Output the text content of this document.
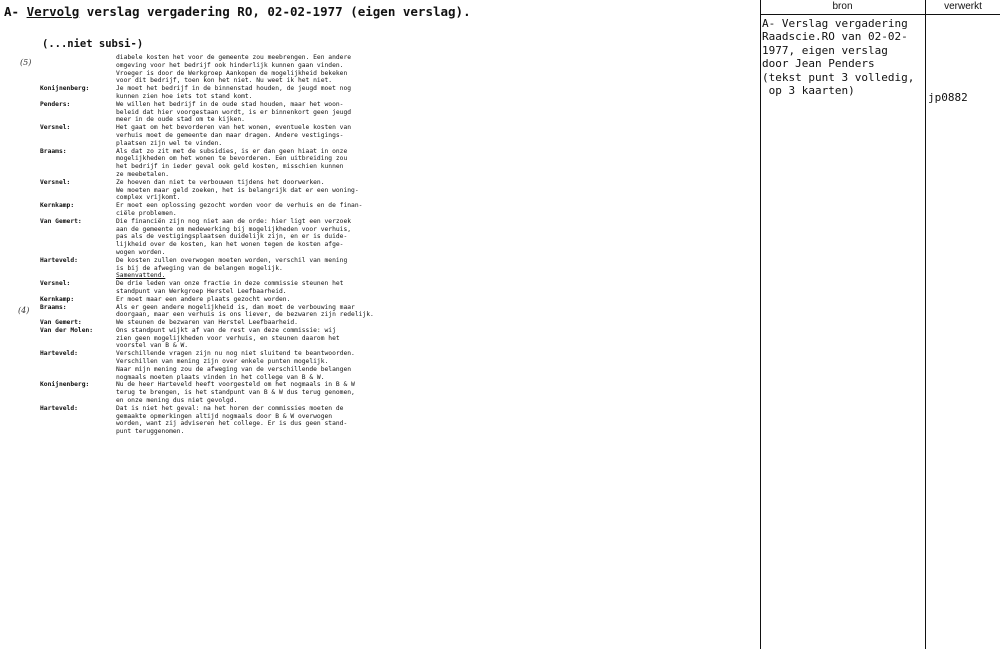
A- Vervolg verslag vergadering RO, 02-02-1977 (eigen verslag).
(...niet subsi-)
(5)
(4)
diabele kosten het voor de gemeente zou meebrengen. Een andere
omgeving voor het bedrijf ook hinderlijk kunnen gaan vinden.
Vroeger is door de Werkgroep Aankopen de mogelijkheid bekeken
voor dit bedrijf, toen kon het niet. Nu weet ik het niet.
Konijnenberg:	Je moet het bedrijf in de binnenstad houden, de jeugd moet nog
kunnen zien hoe iets tot stand komt.
Penders:	We willen het bedrijf in de oude stad houden, maar het woon-
beleid dat hier voorgestaan wordt, is er binnenkort geen jeugd
meer in de oude stad om te kijken.
Versnel:	Het gaat om het bevorderen van het wonen, eventuele kosten van
verhuis moet de gemeente dan maar dragen. Andere vestigings-
plaatsen zijn wel te vinden.
Braams:	Als dat zo zit met de subsidies, is er dan geen hiaat in onze
mogelijkheden om het wonen te bevorderen. Een uitbreiding zou
het bedrijf in ieder geval ook geld kosten, misschien kunnen
ze meebetalen.
Versnel:	Ze hoeven dan niet te verbouwen tijdens het doorwerken.
We moeten maar geld zoeken, het is belangrijk dat er een woning-
complex vrijkomt.
Kernkamp:	Er moet een oplossing gezocht worden voor de verhuis en de finan-
ciële problemen.
Van Gemert:	Die financiën zijn nog niet aan de orde: hier ligt een verzoek
aan de gemeente om medewerking bij mogelijkheden voor verhuis,
pas als de vestigingsplaatsen duidelijk zijn, en er is duide-
lijkheid over de kosten, kan het wonen tegen de kosten afge-
wogen worden.
Harteveld:	De kosten zullen overwogen moeten worden, verschil van mening
is bij de afweging van de belangen mogelijk.
Samenvattend.
Versnel:	De drie leden van onze fractie in deze commissie steunen het
standpunt van Werkgroep Herstel Leefbaarheid.
Kernkamp:	Er moet maar een andere plaats gezocht worden.
Braams:	Als er geen andere mogelijkheid is, dan moet de verbouwing maar
doorgaan, maar een verhuis is ons liever, de bezwaren zijn redelijk.
Van Gemert:	We steunen de bezwaren van Herstel Leefbaarheid.
Van der Molen:	Ons standpunt wijkt af van de rest van deze commissie: wij
zien geen mogelijkheden voor verhuis, en steunen daarom het
voorstel van B & W.
Harteveld:	Verschillende vragen zijn nu nog niet sluitend te beantwoorden.
Verschillen van mening zijn over enkele punten mogelijk.
Naar mijn mening zou de afweging van de verschillende belangen
nogmaals moeten plaats vinden in het college van B & W.
Konijnenberg:	Nu de heer Harteveld heeft voorgesteld om het nogmaals in B & W
terug te brengen, is het standpunt van B & W dus terug genomen,
en onze mening dus niet gevolgd.
Harteveld:	Dat is niet het geval: na het horen der commissies moeten de
gemaakte opmerkingen altijd nogmaals door B & W overwogen
worden, want zij adviseren het college. Er is dus geen stand-
punt teruggenomen.
bron	verwerkt
A- Verslag vergadering
Raadscie.RO van 02-02-
1977, eigen verslag
door Jean Penders
(tekst punt 3 volledig,
op 3 kaarten)
jp0882
